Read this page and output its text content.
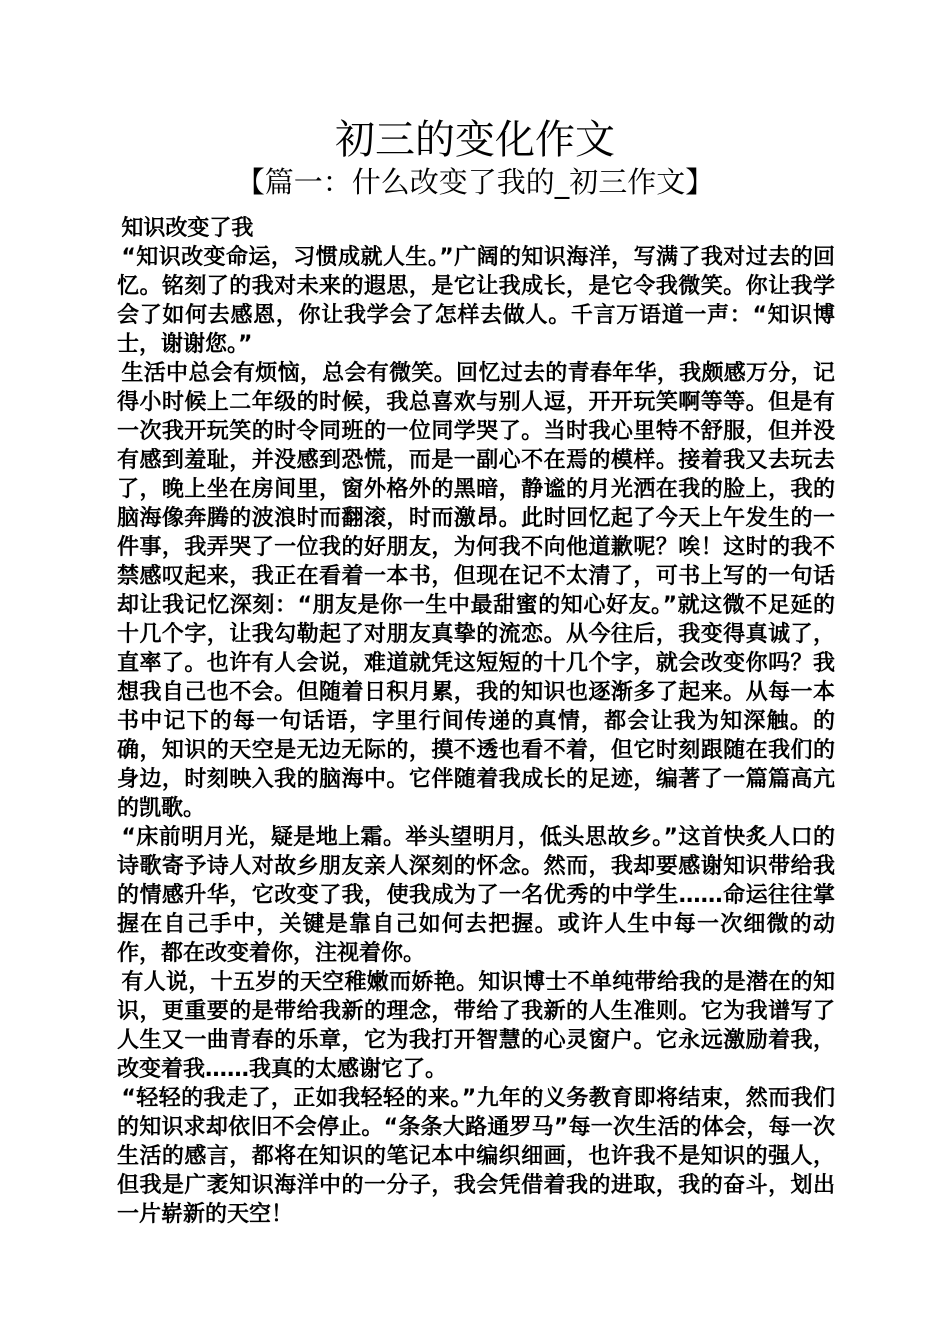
初三的变化作文
【篇一：什么改变了我的_初三作文】

知识改变了我

“知识改变命运，习惯成就人生。”广阔的知识海洋，写满了我对过去的回忆。铭刻了的我对未来的遐思，是它让我成长，是它令我微笑。你让我学会了如何去感恩，你让我学会了怎样去做人。千言万语道一声：“知识博士，谢谢您。”

生活中总会有烦恼，总会有微笑。回忆过去的青春年华，我颇感万分，记得小时候上二年级的时候，我总喜欢与别人逗，开开玩笑啊等等。但是有一次我开玩笑的时令同班的一位同学哭了。当时我心里特不舒服，但并没有感到羞耻，并没感到恐慌，而是一副心不在焉的模样。接着我又去玩去了，晚上坐在房间里，窗外格外的黑暗，静谧的月光洒在我的脸上，我的脑海像奔腾的波浪时而翻滚，时而激昂。此时回忆起了今天上午发生的一件事，我弄哭了一位我的好朋友，为何我不向他道歉呢？唉！这时的我不禁感叹起来，我正在看着一本书，但现在记不太清了，可书上写的一句话却让我记忆深刻：“朋友是你一生中最甜蜜的知心好友。”就这微不足延的十几个字，让我勾勒起了对朋友真挚的流恋。从今往后，我变得真诚了，直率了。也许有人会说，难道就凭这短短的十几个字，就会改变你吗？我想我自己也不会。但随着日积月累，我的知识也逐渐多了起来。从每一本书中记下的每一句话语，字里行间传递的真情，都会让我为知深触。的确，知识的天空是无边无际的，摸不透也看不着，但它时刻跟随在我们的身边，时刻映入我的脑海中。它伴随着我成长的足迹，编著了一篇篇高亢的凯歌。

“床前明月光，疑是地上霜。举头望明月，低头思故乡。”这首快炙人口的诗歌寄予诗人对故乡朋友亲人深刻的怀念。然而，我却要感谢知识带给我的情感升华，它改变了我，使我成为了一名优秀的中学生……命运往往掌握在自己手中，关键是靠自己如何去把握。或许人生中每一次细微的动作，都在改变着你，注视着你。

有人说，十五岁的天空稚嫩而娇艳。知识博士不单纯带给我的是潜在的知识，更重要的是带给我新的理念，带给了我新的人生准则。它为我谱写了人生又一曲青春的乐章，它为我打开智慧的心灵窗户。它永远激励着我，改变着我……我真的太感谢它了。

“轻轻的我走了，正如我轻轻的来。”九年的义务教育即将结束，然而我们的知识求却依旧不会停止。“条条大路通罗马”每一次生活的体会，每一次生活的感言，都将在知识的笔记本中编织细画，也许我不是知识的强人，但我是广袤知识海洋中的一分子，我会凭借着我的进取，我的奋斗，划出一片崭新的天空！
